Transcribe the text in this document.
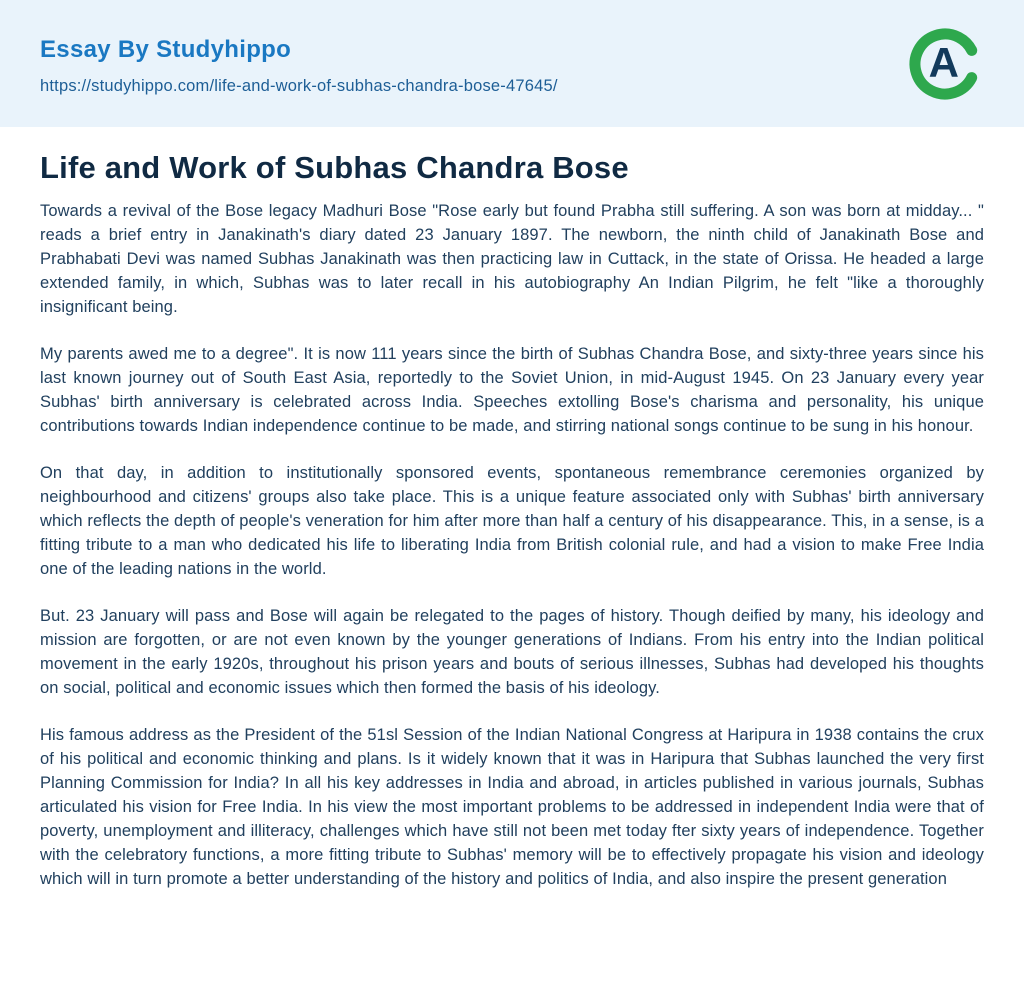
Essay By Studyhippo
https://studyhippo.com/life-and-work-of-subhas-chandra-bose-47645/	A
Life and Work of Subhas Chandra Bose

Towards a revival of the Bose legacy Madhuri Bose "Rose early but found Prabha still suffering. A son was born at midday... " reads a brief entry in Janakinath's diary dated 23 January 1897. The newborn, the ninth child of Janakinath Bose and Prabhabati Devi was named Subhas Janakinath was then practicing law in Cuttack, in the state of Orissa. He headed a large extended family, in which, Subhas was to later recall in his autobiography An Indian Pilgrim, he felt "like a thoroughly insignificant being.

My parents awed me to a degree". It is now 111 years since the birth of Subhas Chandra Bose, and sixty-three years since his last known journey out of South East Asia, reportedly to the Soviet Union, in mid-August 1945. On 23 January every year Subhas' birth anniversary is celebrated across India. Speeches extolling Bose's charisma and personality, his unique contributions towards Indian independence continue to be made, and stirring national songs continue to be sung in his honour.

On that day, in addition to institutionally sponsored events, spontaneous remembrance ceremonies organized by neighbourhood and citizens' groups also take place. This is a unique feature associated only with Subhas' birth anniversary which reflects the depth of people's veneration for him after more than half a century of his disappearance. This, in a sense, is a fitting tribute to a man who dedicated his life to liberating India from British colonial rule, and had a vision to make Free India one of the leading nations in the world.

But. 23 January will pass and Bose will again be relegated to the pages of history. Though deified by many, his ideology and mission are forgotten, or are not even known by the younger generations of Indians. From his entry into the Indian political movement in the early 1920s, throughout his prison years and bouts of serious illnesses, Subhas had developed his thoughts on social, political and economic issues which then formed the basis of his ideology.

His famous address as the President of the 51sl Session of the Indian National Congress at Haripura in 1938 contains the crux of his political and economic thinking and plans. Is it widely known that it was in Haripura that Subhas launched the very first Planning Commission for India? In all his key addresses in India and abroad, in articles published in various journals, Subhas articulated his vision for Free India. In his view the most important problems to be addressed in independent India were that of poverty, unemployment and illiteracy, challenges which have still not been met today fter sixty years of independence. Together with the celebratory functions, a more fitting tribute to Subhas' memory will be to effectively propagate his vision and ideology which will in turn promote a better understanding of the history and politics of India, and also inspire the present generation
